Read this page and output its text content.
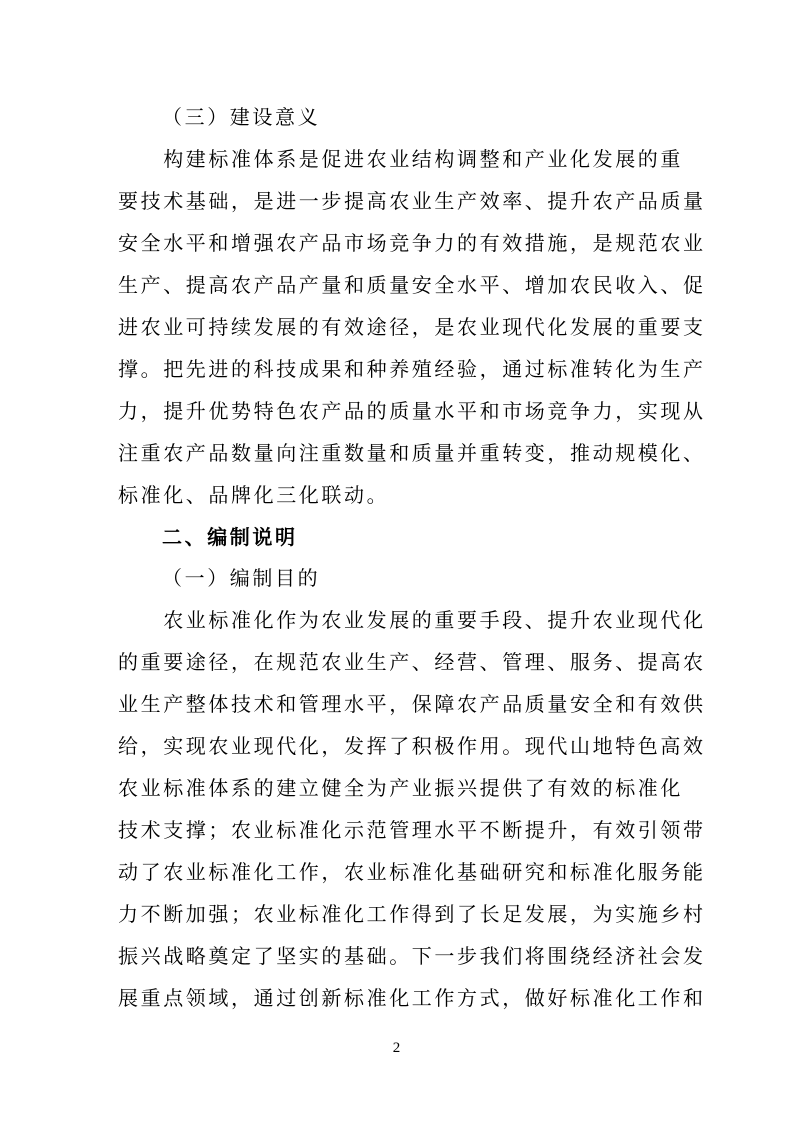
（三）建设意义
　　构建标准体系是促进农业结构调整和产业化发展的重
要技术基础，是进一步提高农业生产效率、提升农产品质量
安全水平和增强农产品市场竞争力的有效措施，是规范农业
生产、提高农产品产量和质量安全水平、增加农民收入、促
进农业可持续发展的有效途径，是农业现代化发展的重要支
撑。把先进的科技成果和种养殖经验，通过标准转化为生产
力，提升优势特色农产品的质量水平和市场竞争力，实现从
注重农产品数量向注重数量和质量并重转变，推动规模化、
标准化、品牌化三化联动。
二、编制说明
（一）编制目的
　　农业标准化作为农业发展的重要手段、提升农业现代化
的重要途径，在规范农业生产、经营、管理、服务、提高农
业生产整体技术和管理水平，保障农产品质量安全和有效供
给，实现农业现代化，发挥了积极作用。现代山地特色高效
农业标准体系的建立健全为产业振兴提供了有效的标准化
技术支撑；农业标准化示范管理水平不断提升，有效引领带
动了农业标准化工作，农业标准化基础研究和标准化服务能
力不断加强；农业标准化工作得到了长足发展，为实施乡村
振兴战略奠定了坚实的基础。下一步我们将围绕经济社会发
展重点领域，通过创新标准化工作方式，做好标准化工作和
2
